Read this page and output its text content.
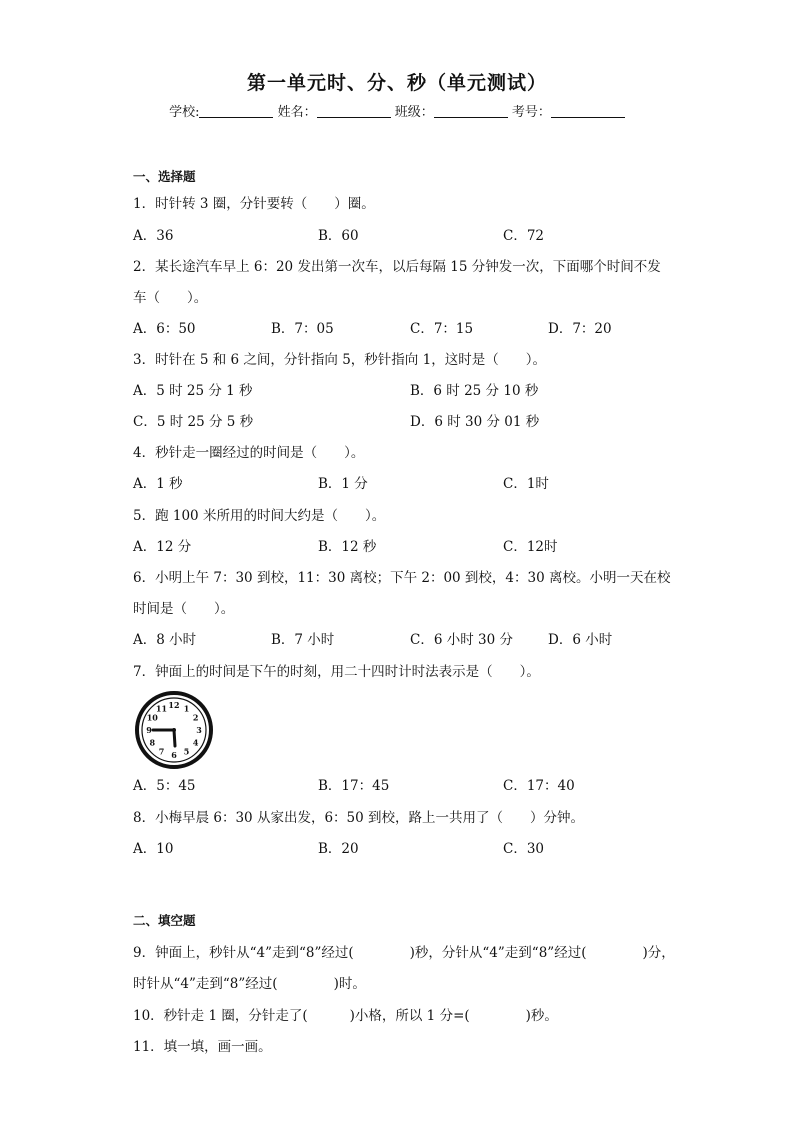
第一单元时、分、秒（单元测试）
学校:	姓名：	班级：	考号：
一、选择题
1．时针转 3 圈，分针要转（　　）圈。
A．36	B．60	C．72
2．某长途汽车早上 6：20 发出第一次车，以后每隔 15 分钟发一次，下面哪个时间不发
车（　　）。
A．6：50	B．7：05	C．7：15	D．7：20
3．时针在 5 和 6 之间，分针指向 5，秒针指向 1，这时是（　　）。
A．5 时 25 分 1 秒	B．6 时 25 分 10 秒
C．5 时 25 分 5 秒	D．6 时 30 分 01 秒
4．秒针走一圈经过的时间是（　　）。
A．1 秒	B．1 分	C．1时
5．跑 100 米所用的时间大约是（　　）。
A．12 分	B．12 秒	C．12时
6．小明上午 7：30 到校，11：30 离校；下午 2：00 到校，4：30 离校。小明一天在校
时间是（　　）。
A．8 小时	B．7 小时	C．6 小时 30 分	D．6 小时
7．钟面上的时间是下午的时刻，用二十四时计时法表示是（　　）。
12 1
2
3
4
5
6
7
8
9
10
11
A．5：45	B．17：45	C．17：40
8．小梅早晨 6：30 从家出发，6：50 到校，路上一共用了（　　）分钟。
A．10	B．20	C．30
二、填空题
9．钟面上，秒针从“4”走到“8”经过(	)秒，分针从“4”走到“8”经过(	)分，
时针从“4”走到“8”经过(	)时。
10．秒针走 1 圈，分针走了(	)小格，所以 1 分=(	)秒。
11．填一填，画一画。
